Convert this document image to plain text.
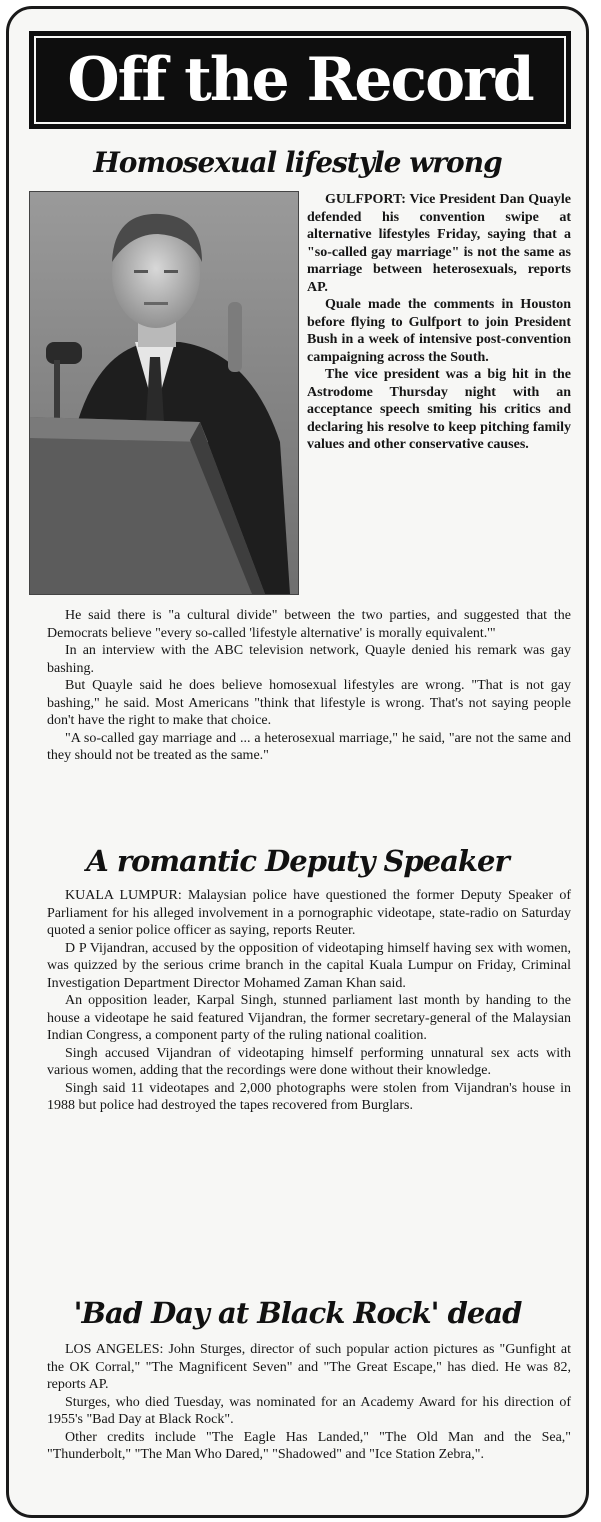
Off the Record
Homosexual lifestyle wrong

GULFPORT: Vice President Dan Quayle defended his convention swipe at alternative lifestyles Friday, saying that a "so-called gay marriage" is not the same as marriage between heterosexuals, reports AP.

Quale made the comments in Houston before flying to Gulfport to join President Bush in a week of intensive post-convention campaigning across the South.

The vice president was a big hit in the Astrodome Thursday night with an acceptance speech smiting his critics and declaring his resolve to keep pitching family values and other conservative causes.

He said there is "a cultural divide" between the two parties, and suggested that the Democrats believe "every so-called 'lifestyle alternative' is morally equivalent.'"

In an interview with the ABC television network, Quayle denied his remark was gay bashing.

But Quayle said he does believe homosexual lifestyles are wrong. "That is not gay bashing," he said. Most Americans "think that lifestyle is wrong. That's not saying people don't have the right to make that choice.

"A so-called gay marriage and ... a heterosexual marriage," he said, "are not the same and they should not be treated as the same."

A romantic Deputy Speaker

KUALA LUMPUR: Malaysian police have questioned the former Deputy Speaker of Parliament for his alleged involvement in a pornographic videotape, state-radio on Saturday quoted a senior police officer as saying, reports Reuter.

D P Vijandran, accused by the opposition of videotaping himself having sex with women, was quizzed by the serious crime branch in the capital Kuala Lumpur on Friday, Criminal Investigation Department Director Mohamed Zaman Khan said.

An opposition leader, Karpal Singh, stunned parliament last month by handing to the house a videotape he said featured Vijandran, the former secretary-general of the Malaysian Indian Congress, a component party of the ruling national coalition.

Singh accused Vijandran of videotaping himself performing unnatural sex acts with various women, adding that the recordings were done without their knowledge.

Singh said 11 videotapes and 2,000 photographs were stolen from Vijandran's house in 1988 but police had destroyed the tapes recovered from Burglars.

'Bad Day at Black Rock' dead

LOS ANGELES: John Sturges, director of such popular action pictures as "Gunfight at the OK Corral," "The Magnificent Seven" and "The Great Escape," has died. He was 82, reports AP.

Sturges, who died Tuesday, was nominated for an Academy Award for his direction of 1955's "Bad Day at Black Rock".

Other credits include "The Eagle Has Landed," "The Old Man and the Sea," "Thunderbolt," "The Man Who Dared," "Shadowed" and "Ice Station Zebra,".
